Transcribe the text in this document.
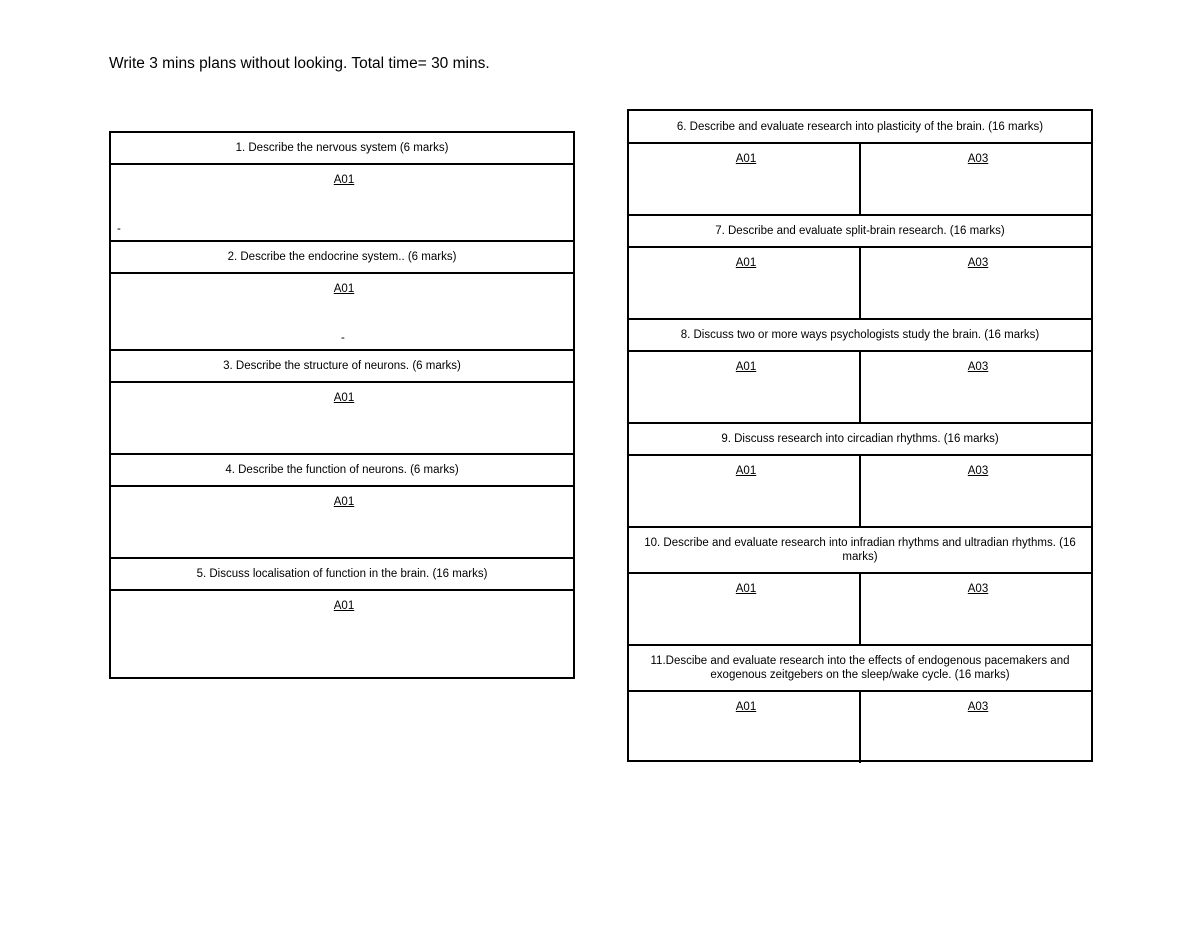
Write 3 mins plans without looking. Total time= 30 mins.
1. Describe the nervous system (6 marks)
A01
-
2. Describe the endocrine system.. (6 marks)
A01
-
3. Describe the structure of neurons. (6 marks)
A01
4. Describe the function of neurons. (6 marks)
A01
5. Discuss localisation of function in the brain. (16 marks)
A01
6. Describe and evaluate research into plasticity of the brain. (16 marks)
A01	A03
7. Describe and evaluate split-brain research. (16 marks)
A01	A03
8. Discuss two or more ways psychologists study the brain. (16 marks)
A01	A03
9. Discuss research into circadian rhythms. (16 marks)
A01	A03
10. Describe and evaluate research into infradian rhythms and ultradian rhythms. (16 marks)
A01	A03
11.Descibe and evaluate research into the effects of endogenous pacemakers and exogenous zeitgebers on the sleep/wake cycle. (16 marks)
A01	A03
